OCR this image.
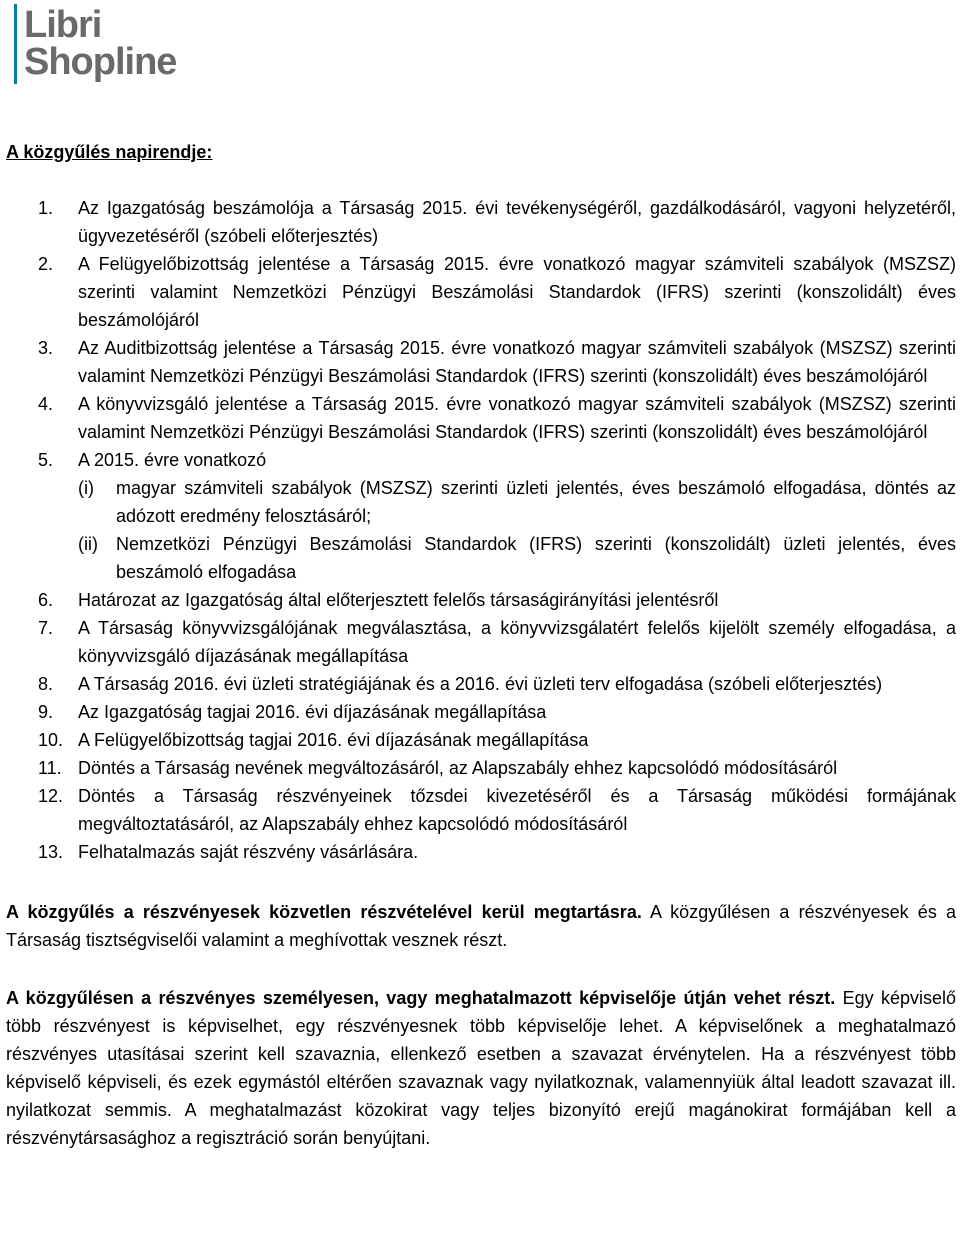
Libri
Shopline
A közgyűlés napirendje:
1.	Az Igazgatóság beszámolója a Társaság 2015. évi tevékenységéről, gazdálkodásáról, vagyoni helyzetéről, ügyvezetéséről (szóbeli előterjesztés)
2.	A Felügyelőbizottság jelentése a Társaság 2015. évre vonatkozó magyar számviteli szabályok (MSZSZ) szerinti valamint Nemzetközi Pénzügyi Beszámolási Standardok (IFRS) szerinti (konszolidált) éves beszámolójáról
3.	Az Auditbizottság jelentése a Társaság 2015. évre vonatkozó magyar számviteli szabályok (MSZSZ) szerinti valamint Nemzetközi Pénzügyi Beszámolási Standardok (IFRS) szerinti (konszolidált) éves beszámolójáról
4.	A könyvvizsgáló jelentése a Társaság 2015. évre vonatkozó magyar számviteli szabályok (MSZSZ) szerinti valamint Nemzetközi Pénzügyi Beszámolási Standardok (IFRS) szerinti (konszolidált) éves beszámolójáról
5.	A 2015. évre vonatkozó
(i)	magyar számviteli szabályok (MSZSZ) szerinti üzleti jelentés, éves beszámoló elfogadása, döntés az adózott eredmény felosztásáról;
(ii)	Nemzetközi Pénzügyi Beszámolási Standardok (IFRS) szerinti (konszolidált) üzleti jelentés, éves beszámoló elfogadása
6.	Határozat az Igazgatóság által előterjesztett felelős társaságirányítási jelentésről
7.	A Társaság könyvvizsgálójának megválasztása, a könyvvizsgálatért felelős kijelölt személy elfogadása, a könyvvizsgáló díjazásának megállapítása
8.	A Társaság 2016. évi üzleti stratégiájának és a 2016. évi üzleti terv elfogadása (szóbeli előterjesztés)
9.	Az Igazgatóság tagjai 2016. évi díjazásának megállapítása
10. A Felügyelőbizottság tagjai 2016. évi díjazásának megállapítása
11. Döntés a Társaság nevének megváltozásáról, az Alapszabály ehhez kapcsolódó módosításáról
12. Döntés a Társaság részvényeinek tőzsdei kivezetéséről és a Társaság működési formájának megváltoztatásáról, az Alapszabály ehhez kapcsolódó módosításáról
13. Felhatalmazás saját részvény vásárlására.

A közgyűlés a részvényesek közvetlen részvételével kerül megtartásra. A közgyűlésen a részvényesek és a Társaság tisztségviselői valamint a meghívottak vesznek részt.

A közgyűlésen a részvényes személyesen, vagy meghatalmazott képviselője útján vehet részt. Egy képviselő több részvényest is képviselhet, egy részvényesnek több képviselője lehet. A képviselőnek a meghatalmazó részvényes utasításai szerint kell szavaznia, ellenkező esetben a szavazat érvénytelen. Ha a részvényest több képviselő képviseli, és ezek egymástól eltérően szavaznak vagy nyilatkoznak, valamennyiük által leadott szavazat ill. nyilatkozat semmis. A meghatalmazást közokirat vagy teljes bizonyító erejű magánokirat formájában kell a részvénytársasághoz a regisztráció során benyújtani.
